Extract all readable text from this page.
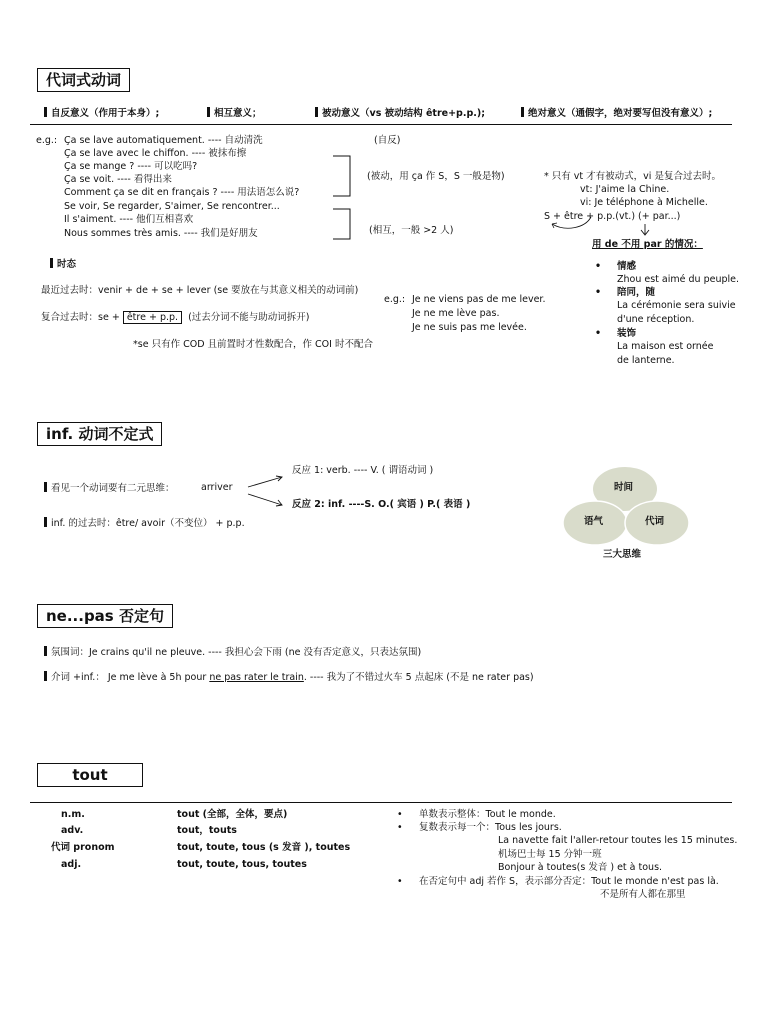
代词式动词
自反意义（作用于本身）;	相互意义；	被动意义（vs 被动结构 être+p.p.);	绝对意义（通假字，绝对要写但没有意义）;
e.g.: Ça se lave automatiquement. ---- 自动清洗
Ça se lave avec le chiffon. ---- 被抹布擦
Ça se mange ? ---- 可以吃吗?
Ça se voit. ---- 看得出来
Comment ça se dit en français ? ---- 用法语怎么说?
Se voir, Se regarder, S'aimer, Se rencontrer...
Il s'aiment. ---- 他们互相喜欢
Nous sommes très amis. ---- 我们是好朋友
(自反)
(被动，用 ça 作 S，S 一般是物)
(相互，一般 >2 人)
* 只有 vt 才有被动式，vi 是复合过去时。
vt: J'aime la Chine.
vi: Je téléphone à Michelle.
S + être + p.p.(vt.) (+ par...)
用 de 不用 par 的情况：
• 情感
Zhou est aimé du peuple.
• 陪同，随
La cérémonie sera suivie
d'une réception.
• 装饰
La maison est ornée
de lanterne.
时态
最近过去时：venir + de + se + lever (se 要放在与其意义相关的动词前)
复合过去时：se + être + p.p. (过去分词不能与助动词拆开)
*se 只有作 COD 且前置时才性数配合，作 COI 时不配合
e.g.: Je ne viens pas de me lever.
Je ne me lève pas.
Je ne suis pas me levée.
inf. 动词不定式
看见一个动词要有二元思维：	arriver
反应 1: verb. ---- V. ( 谓语动词 )
反应 2: inf. ----S. O.( 宾语 ) P.( 表语 )
inf. 的过去时：être/ avoir（不变位） + p.p.
时间
语气	代词
三大思维
ne...pas 否定句
氛围词：Je crains qu'il ne pleuve. ---- 我担心会下雨 (ne 没有否定意义，只表达氛围)
介词 +inf.： Je me lève à 5h pour ne pas rater le train. ---- 我为了不错过火车 5 点起床 (不是 ne rater pas)
tout
n.m.	tout (全部，全体，要点)
adv.	tout，touts
代词 pronom	tout, toute, tous (s 发音 ), toutes
adj.	tout, toute, tous, toutes
• 单数表示整体：Tout le monde.
• 复数表示每一个：Tous les jours.
La navette fait l'aller-retour toutes les 15 minutes.
机场巴士每 15 分钟一班
Bonjour à toutes(s 发音 ) et à tous.
• 在否定句中 adj 若作 S，表示部分否定：Tout le monde n'est pas là.
不是所有人都在那里
